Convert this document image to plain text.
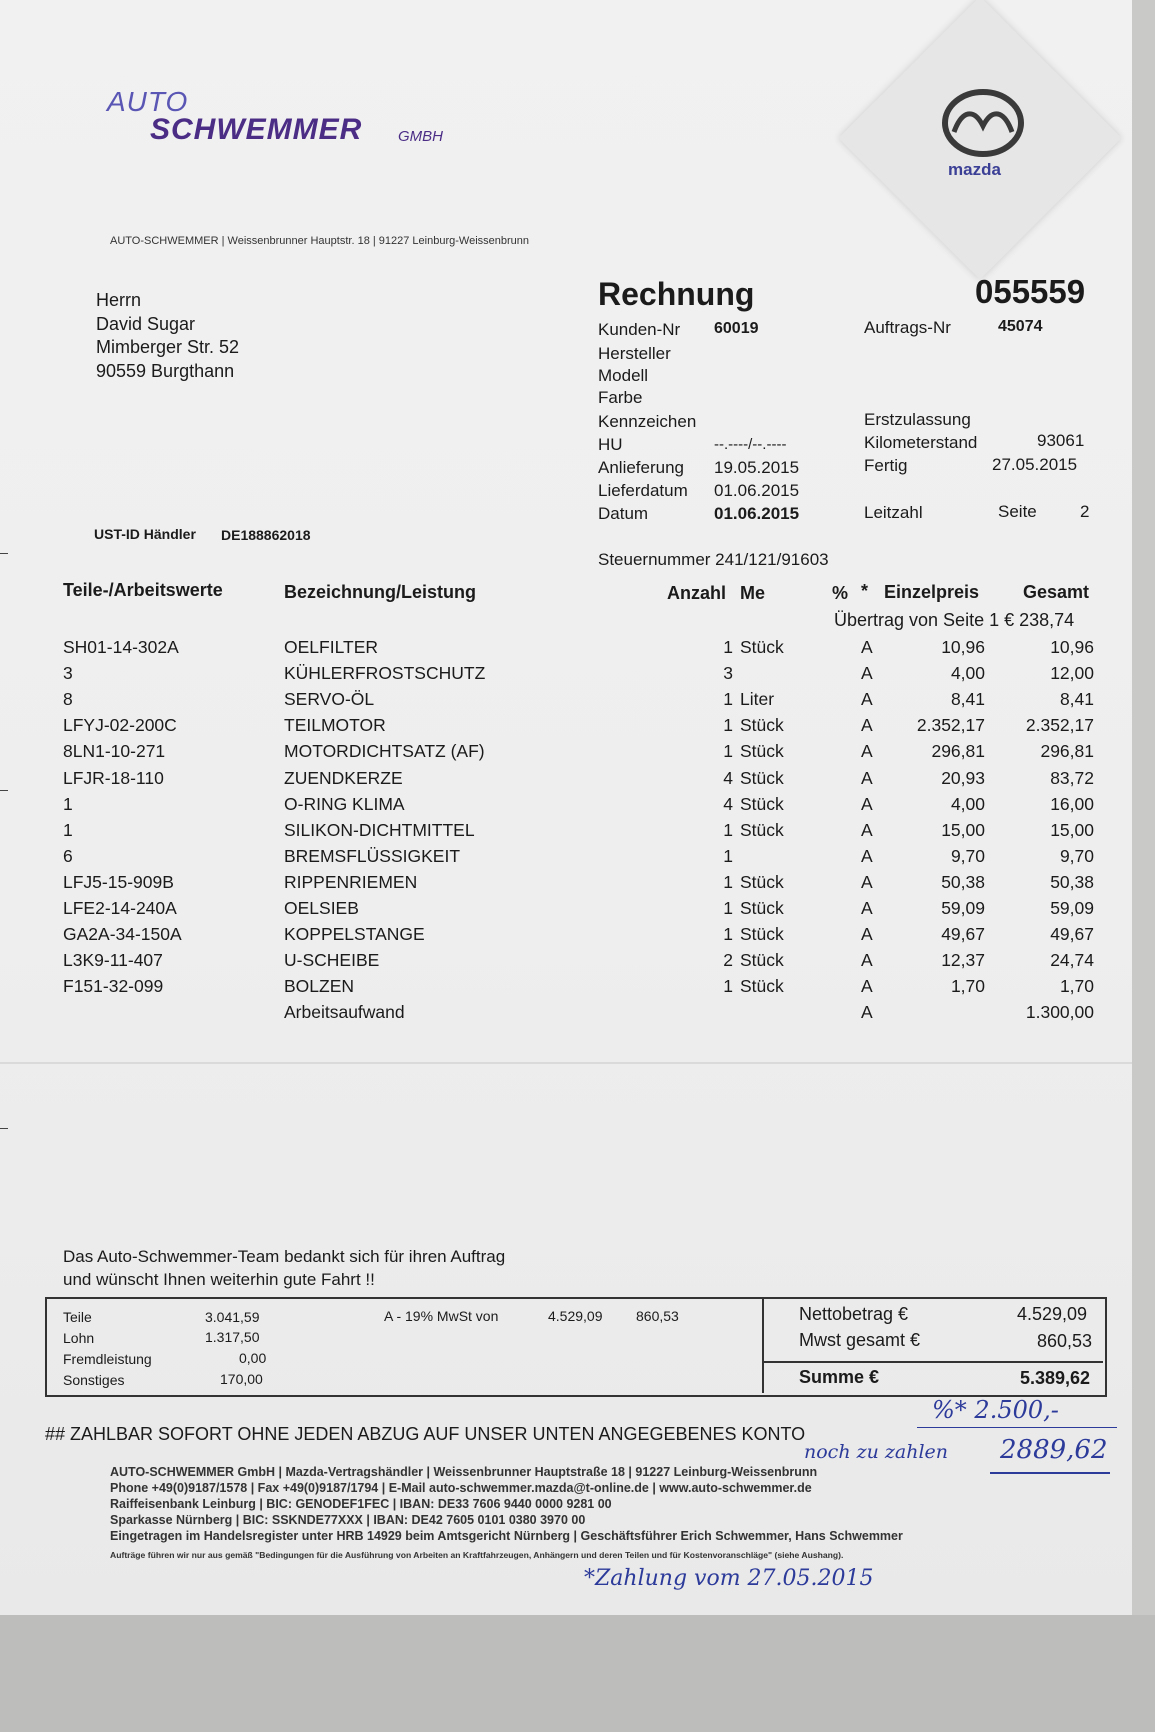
AUTO
SCHWEMMER GMBH
mazda
AUTO-SCHWEMMER | Weissenbrunner Hauptstr. 18 | 91227 Leinburg-Weissenbrunn
Herrn
David Sugar
Mimberger Str. 52
90559 Burgthann
UST-ID Händler DE188862018
Rechnung	055559
Kunden-Nr 60019	Auftrags-Nr	45074
Hersteller
Modell
Farbe
Kennzeichen	Erstzulassung
HU	--.----/--.----	Kilometerstand	93061
Anlieferung 19.05.2015	Fertig	27.05.2015
Lieferdatum 01.06.2015
Datum	01.06.2015	Leitzahl	Seite	2
Steuernummer 241/121/91603
Teile-/Arbeitswerte	Bezeichnung/Leistung	Anzahl Me	% * Einzelpreis Gesamt
Übertrag von Seite 1 € 238,74
SH01-14-302A	OELFILTER	1 Stück	A	10,96	10,96
3	KÜHLERFROSTSCHUTZ	3	A	4,00	12,00
8	SERVO-ÖL	1 Liter	A	8,41	8,41
LFYJ-02-200C	TEILMOTOR	1 Stück	A	2.352,17	2.352,17
8LN1-10-271	MOTORDICHTSATZ (AF)	1 Stück	A	296,81	296,81
LFJR-18-110	ZUENDKERZE	4 Stück	A	20,93	83,72
1	O-RING KLIMA	4 Stück	A	4,00	16,00
1	SILIKON-DICHTMITTEL	1 Stück	A	15,00	15,00
6	BREMSFLÜSSIGKEIT	1	A	9,70	9,70
LFJ5-15-909B	RIPPENRIEMEN	1 Stück	A	50,38	50,38
LFE2-14-240A	OELSIEB	1 Stück	A	59,09	59,09
GA2A-34-150A	KOPPELSTANGE	1 Stück	A	49,67	49,67
L3K9-11-407	U-SCHEIBE	2 Stück	A	12,37	24,74
F151-32-099	BOLZEN	1 Stück	A	1,70	1,70
Arbeitsaufwand	A	1.300,00
Das Auto-Schwemmer-Team bedankt sich für ihren Auftrag
und wünscht Ihnen weiterhin gute Fahrt !!
Teile	3.041,59
Lohn	1.317,50
Fremdleistung	0,00
Sonstiges	170,00
A - 19% MwSt von	4.529,09 860,53	Nettobetrag €	4.529,09
Mwst gesamt €	860,53
Summe €	5.389,62
## ZAHLBAR SOFORT OHNE JEDEN ABZUG AUF UNSER UNTEN ANGEGEBENES KONTO
AUTO-SCHWEMMER GmbH | Mazda-Vertragshändler | Weissenbrunner Hauptstraße 18 | 91227 Leinburg-Weissenbrunn
Phone +49(0)9187/1578 | Fax +49(0)9187/1794 | E-Mail auto-schwemmer.mazda@t-online.de | www.auto-schwemmer.de
Raiffeisenbank Leinburg | BIC: GENODEF1FEC | IBAN: DE33 7606 9440 0000 9281 00
Sparkasse Nürnberg | BIC: SSKNDE77XXX | IBAN: DE42 7605 0101 0380 3970 00
Eingetragen im Handelsregister unter HRB 14929 beim Amtsgericht Nürnberg | Geschäftsführer Erich Schwemmer, Hans Schwemmer
Aufträge führen wir nur aus gemäß "Bedingungen für die Ausführung von Arbeiten an Kraftfahrzeugen, Anhängern und deren Teilen und für Kostenvoranschläge" (siehe Aushang).
%* 2.500,-
noch zu zahlen 2889,62
*Zahlung vom 27.05.2015
